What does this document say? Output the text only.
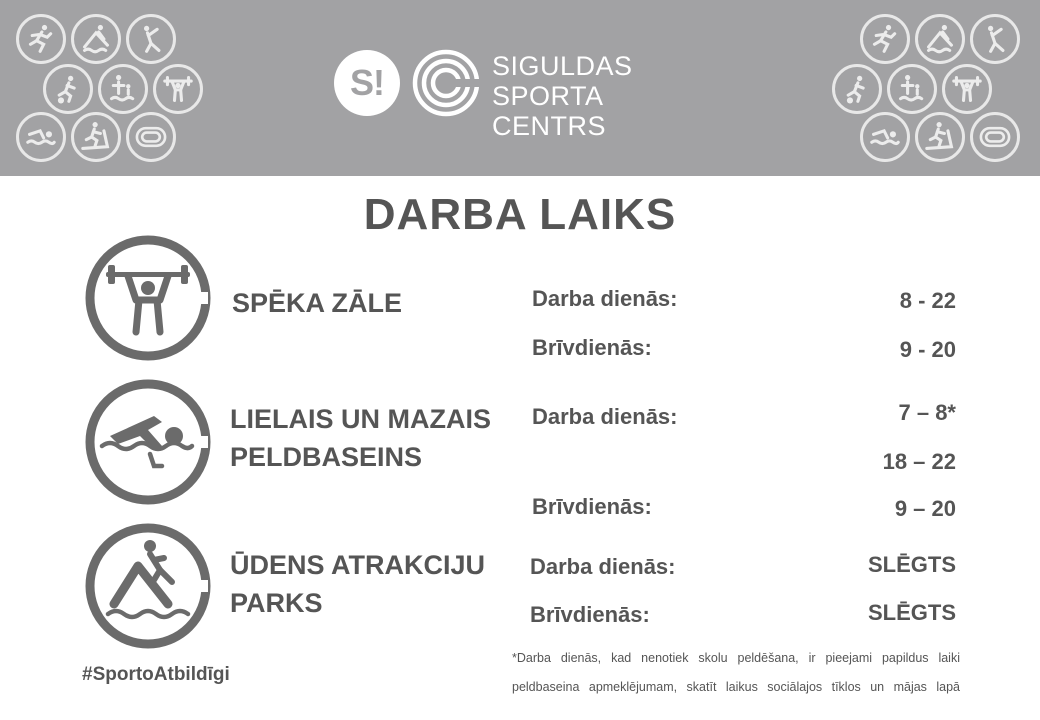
S!	SIGULDAS
SPORTA CENTRS
DARBA LAIKS
SPĒKA ZĀLE	Darba dienās:	8 - 22
Brīvdienās:	9 - 20
LIELAIS UN MAZAIS
PELDBASEINS
Darba dienās:	7 – 8*
18 – 22
Brīvdienās:	9 – 20
ŪDENS ATRAKCIJU
PARKS
Darba dienās:	SLĒGTS
Brīvdienās:	SLĒGTS
#SportoAtbildīgi
*Darba dienās, kad nenotiek skolu peldēšana, ir pieejami papildus laiki
peldbaseina apmeklējumam, skatīt laikus sociālajos tīklos un mājas lapā
